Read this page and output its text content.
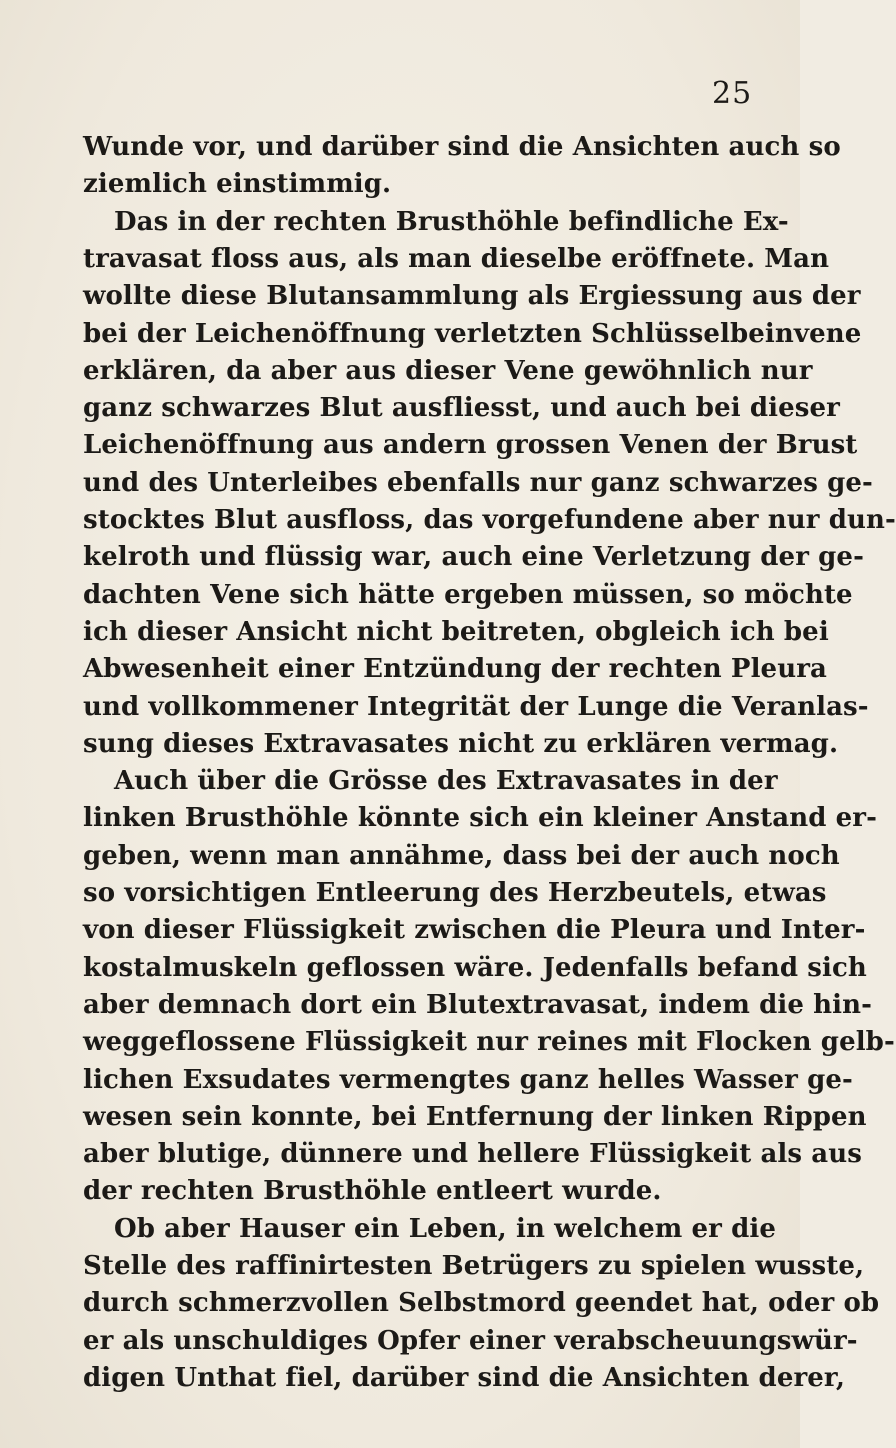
25
Wunde vor, und darüber sind die Ansichten auch so
ziemlich einstimmig.
Das in der rechten Brusthöhle befindliche Ex-
travasat floss aus, als man dieselbe eröffnete. Man
wollte diese Blutansammlung als Ergiessung aus der
bei der Leichenöffnung verletzten Schlüsselbeinvene
erklären, da aber aus dieser Vene gewöhnlich nur
ganz schwarzes Blut ausfliesst, und auch bei dieser
Leichenöffnung aus andern grossen Venen der Brust
und des Unterleibes ebenfalls nur ganz schwarzes ge-
stocktes Blut ausfloss, das vorgefundene aber nur dun-
kelroth und flüssig war, auch eine Verletzung der ge-
dachten Vene sich hätte ergeben müssen, so möchte
ich dieser Ansicht nicht beitreten, obgleich ich bei
Abwesenheit einer Entzündung der rechten Pleura
und vollkommener Integrität der Lunge die Veranlas-
sung dieses Extravasates nicht zu erklären vermag.
Auch über die Grösse des Extravasates in der
linken Brusthöhle könnte sich ein kleiner Anstand er-
geben, wenn man annähme, dass bei der auch noch
so vorsichtigen Entleerung des Herzbeutels, etwas
von dieser Flüssigkeit zwischen die Pleura und Inter-
kostalmuskeln geflossen wäre. Jedenfalls befand sich
aber demnach dort ein Blutextravasat, indem die hin-
weggeflossene Flüssigkeit nur reines mit Flocken gelb-
lichen Exsudates vermengtes ganz helles Wasser ge-
wesen sein konnte, bei Entfernung der linken Rippen
aber blutige, dünnere und hellere Flüssigkeit als aus
der rechten Brusthöhle entleert wurde.
Ob aber Hauser ein Leben, in welchem er die
Stelle des raffinirtesten Betrügers zu spielen wusste,
durch schmerzvollen Selbstmord geendet hat, oder ob
er als unschuldiges Opfer einer verabscheuungswür-
digen Unthat fiel, darüber sind die Ansichten derer,
